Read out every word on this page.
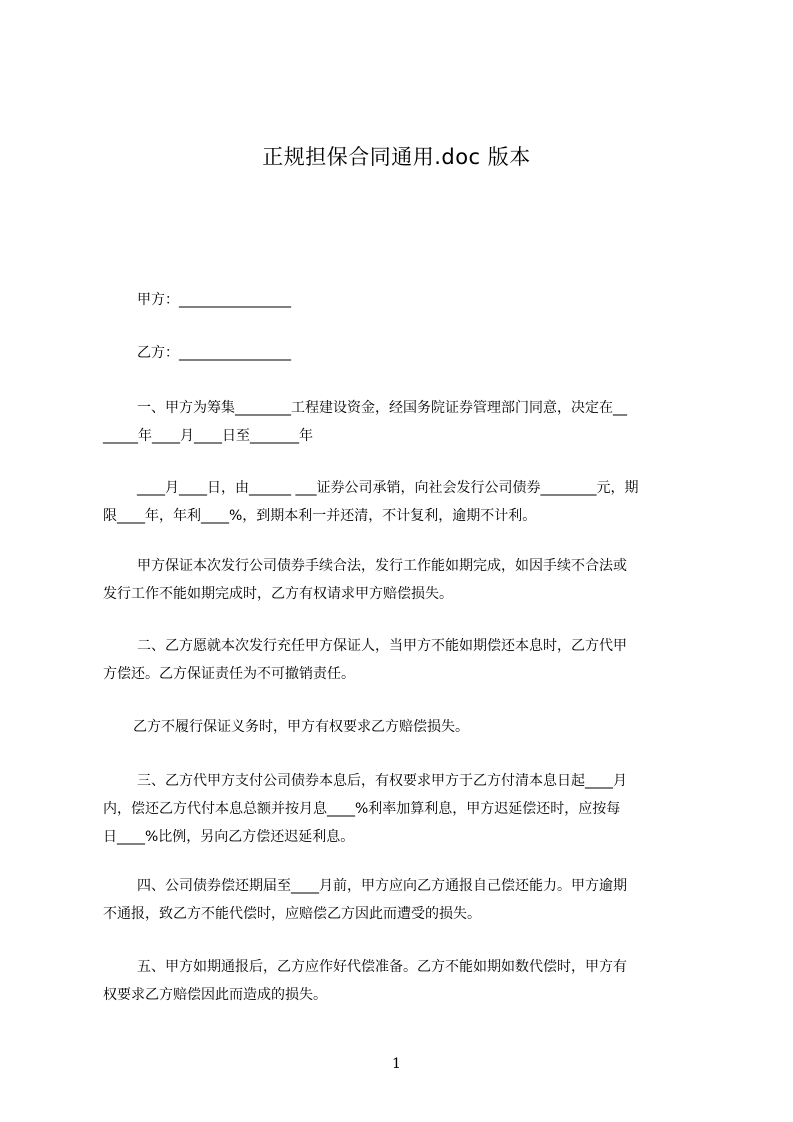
正规担保合同通用.doc 版本
甲方：________________
乙方：________________
一、甲方为筹集________工程建设资金，经国务院证券管理部门同意，决定在__
_____年____月____日至_______年
____月____日，由______ ___证券公司承销，向社会发行公司债券________元，期
限____年，年利____%，到期本利一并还清，不计复利，逾期不计利。
甲方保证本次发行公司债券手续合法，发行工作能如期完成，如因手续不合法或
发行工作不能如期完成时，乙方有权请求甲方赔偿损失。
二、乙方愿就本次发行充任甲方保证人，当甲方不能如期偿还本息时，乙方代甲
方偿还。乙方保证责任为不可撤销责任。
乙方不履行保证义务时，甲方有权要求乙方赔偿损失。
三、乙方代甲方支付公司债券本息后，有权要求甲方于乙方付清本息日起____月
内，偿还乙方代付本息总额并按月息____%利率加算利息，甲方迟延偿还时，应按每
日____%比例，另向乙方偿还迟延利息。
四、公司债券偿还期届至____月前，甲方应向乙方通报自己偿还能力。甲方逾期
不通报，致乙方不能代偿时，应赔偿乙方因此而遭受的损失。
五、甲方如期通报后，乙方应作好代偿准备。乙方不能如期如数代偿时，甲方有
权要求乙方赔偿因此而造成的损失。
1
